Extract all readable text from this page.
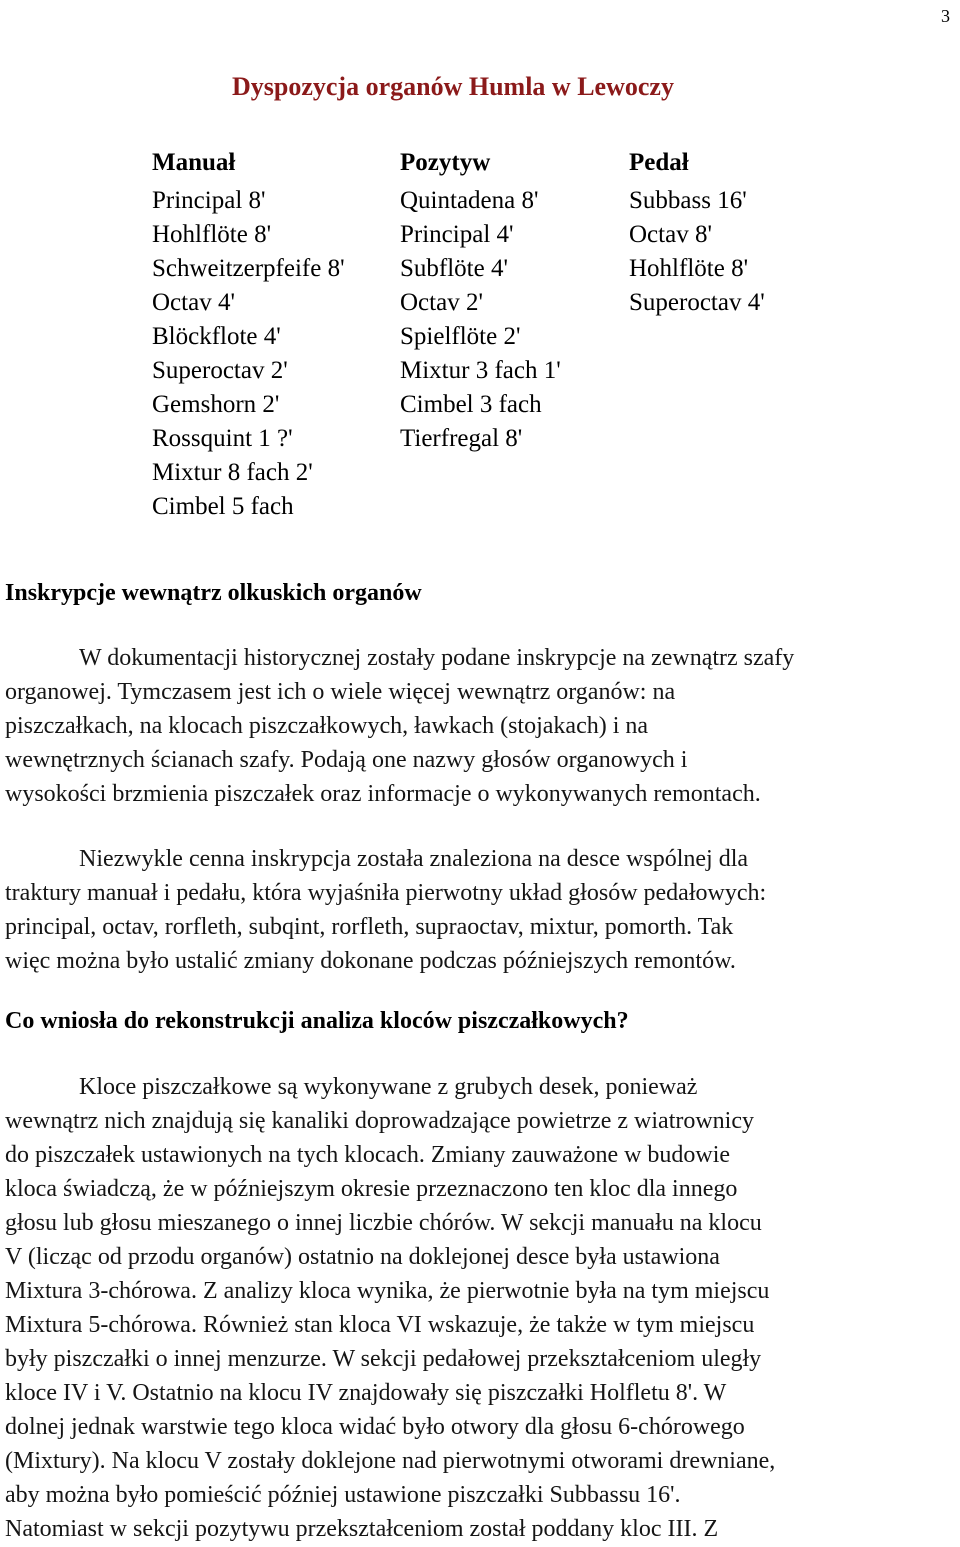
3
Dyspozycja organów Humla w Lewoczy
Manuał
Principal 8'
Hohlflöte 8'
Schweitzerpfeife 8'
Octav 4'
Blöckflote 4'
Superoctav 2'
Gemshorn 2'
Rossquint 1 ?'
Mixtur 8 fach 2'
Cimbel 5 fach
Pozytyw
Quintadena 8'
Principal 4'
Subflöte 4'
Octav 2'
Spielflöte 2'
Mixtur 3 fach 1'
Cimbel 3 fach
Tierfregal 8'
Pedał
Subbass 16'
Octav 8'
Hohlflöte 8'
Superoctav 4'
Inskrypcje wewnątrz olkuskich organów

W dokumentacji historycznej zostały podane inskrypcje na zewnątrz szafy
organowej. Tymczasem jest ich o wiele więcej wewnątrz organów: na
piszczałkach, na klocach piszczałkowych, ławkach (stojakach) i na
wewnętrznych ścianach szafy. Podają one nazwy głosów organowych i
wysokości brzmienia piszczałek oraz informacje o wykonywanych remontach.

Niezwykle cenna inskrypcja została znaleziona na desce wspólnej dla
traktury manuał i pedału, która wyjaśniła pierwotny układ głosów pedałowych:
principal, octav, rorfleth, subqint, rorfleth, supraoctav, mixtur, pomorth. Tak
więc można było ustalić zmiany dokonane podczas późniejszych remontów.

Co wniosła do rekonstrukcji analiza kloców piszczałkowych?

Kloce piszczałkowe są wykonywane z grubych desek, ponieważ
wewnątrz nich znajdują się kanaliki doprowadzające powietrze z wiatrownicy
do piszczałek ustawionych na tych klocach. Zmiany zauważone w budowie
kloca świadczą, że w późniejszym okresie przeznaczono ten kloc dla innego
głosu lub głosu mieszanego o innej liczbie chórów. W sekcji manuału na klocu
V (licząc od przodu organów) ostatnio na doklejonej desce była ustawiona
Mixtura 3-chórowa. Z analizy kloca wynika, że pierwotnie była na tym miejscu
Mixtura 5-chórowa. Również stan kloca VI wskazuje, że także w tym miejscu
były piszczałki o innej menzurze. W sekcji pedałowej przekształceniom uległy
kloce IV i V. Ostatnio na klocu IV znajdowały się piszczałki Holfletu 8'. W
dolnej jednak warstwie tego kloca widać było otwory dla głosu 6-chórowego
(Mixtury). Na klocu V zostały doklejone nad pierwotnymi otworami drewniane,
aby można było pomieścić później ustawione piszczałki Subbassu 16'.
Natomiast w sekcji pozytywu przekształceniom został poddany kloc III. Z
